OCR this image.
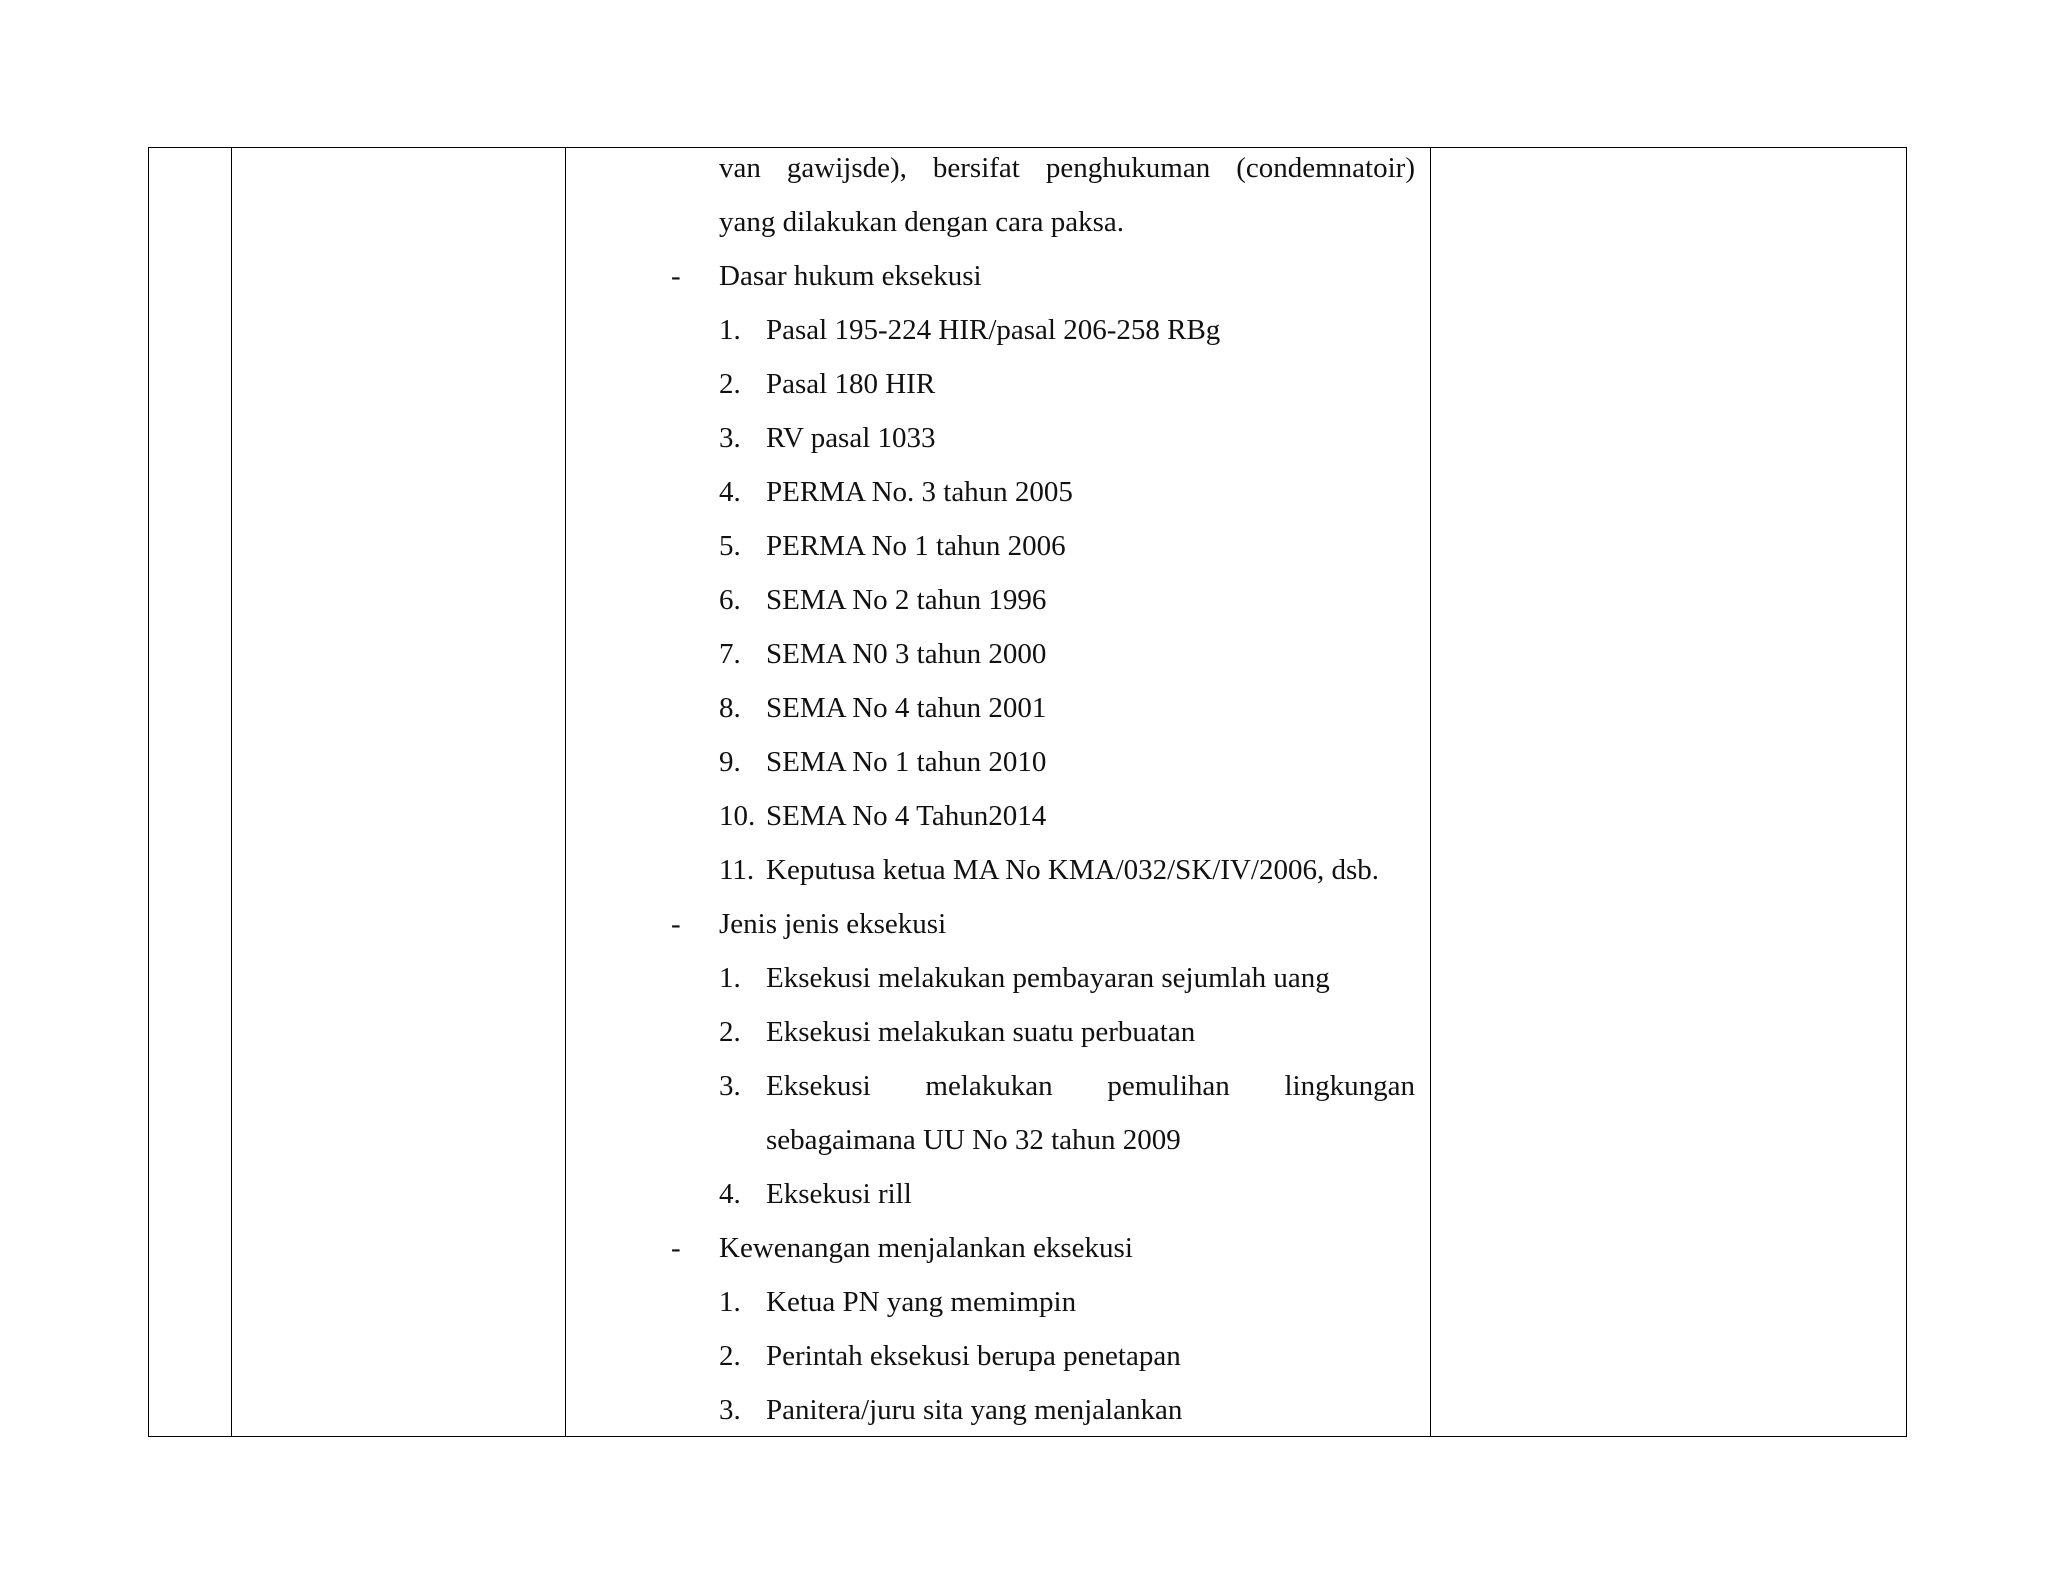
van gawijsde), bersifat penghukuman (condemnatoir)
yang dilakukan dengan cara paksa.
- Dasar hukum eksekusi
1. Pasal 195-224 HIR/pasal 206-258 RBg
2. Pasal 180 HIR
3. RV pasal 1033
4. PERMA No. 3 tahun 2005
5. PERMA No 1 tahun 2006
6. SEMA No 2 tahun 1996
7. SEMA N0 3 tahun 2000
8. SEMA No 4 tahun 2001
9. SEMA No 1 tahun 2010
10. SEMA No 4 Tahun2014
11. Keputusa ketua MA No KMA/032/SK/IV/2006, dsb.
- Jenis jenis eksekusi
1. Eksekusi melakukan pembayaran sejumlah uang
2. Eksekusi melakukan suatu perbuatan
3. Eksekusi melakukan pemulihan lingkungan
sebagaimana UU No 32 tahun 2009
4. Eksekusi rill
- Kewenangan menjalankan eksekusi
1. Ketua PN yang memimpin
2. Perintah eksekusi berupa penetapan
3. Panitera/juru sita yang menjalankan
